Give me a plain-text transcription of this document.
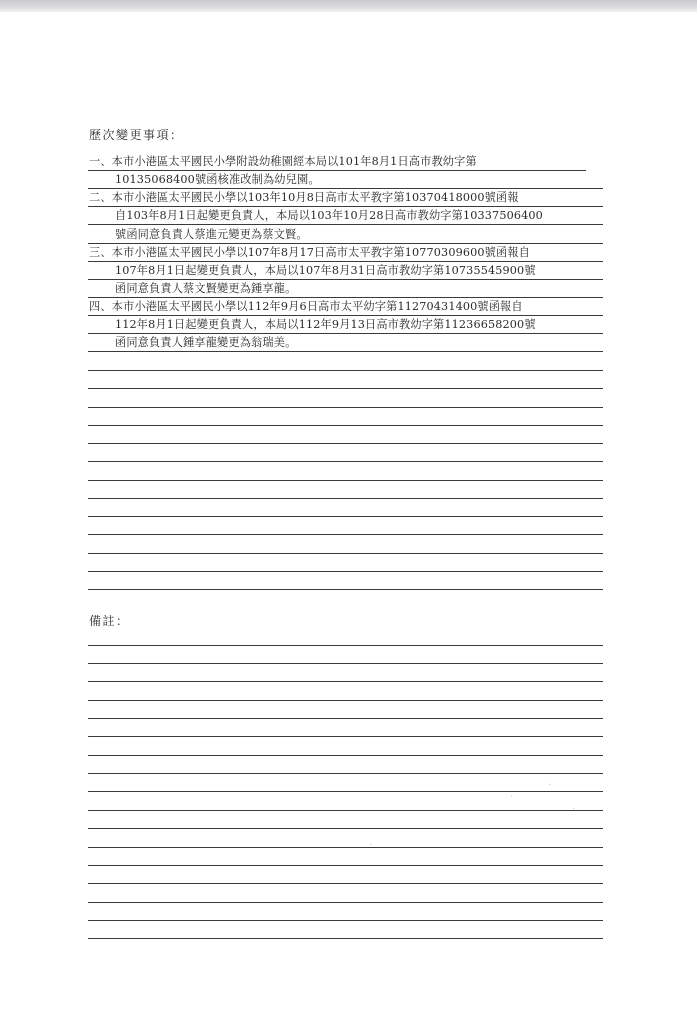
歷次變更事項：
一、本市小港區太平國民小學附設幼稚園經本局以101年8月1日高市教幼字第
10135068400號函核准改制為幼兒園。
二、本市小港區太平國民小學以103年10月8日高市太平教字第10370418000號函報
自103年8月1日起變更負責人，本局以103年10月28日高市教幼字第10337506400
號函同意負責人蔡進元變更為蔡文賢。
三、本市小港區太平國民小學以107年8月17日高市太平教字第10770309600號函報自
107年8月1日起變更負責人，本局以107年8月31日高市教幼字第10735545900號
函同意負責人蔡文賢變更為鍾享龍。
四、本市小港區太平國民小學以112年9月6日高市太平幼字第11270431400號函報自
112年8月1日起變更負責人，本局以112年9月13日高市教幼字第11236658200號
函同意負責人鍾享龍變更為翁瑞美。
備註：
˙
ˊ
·
·
